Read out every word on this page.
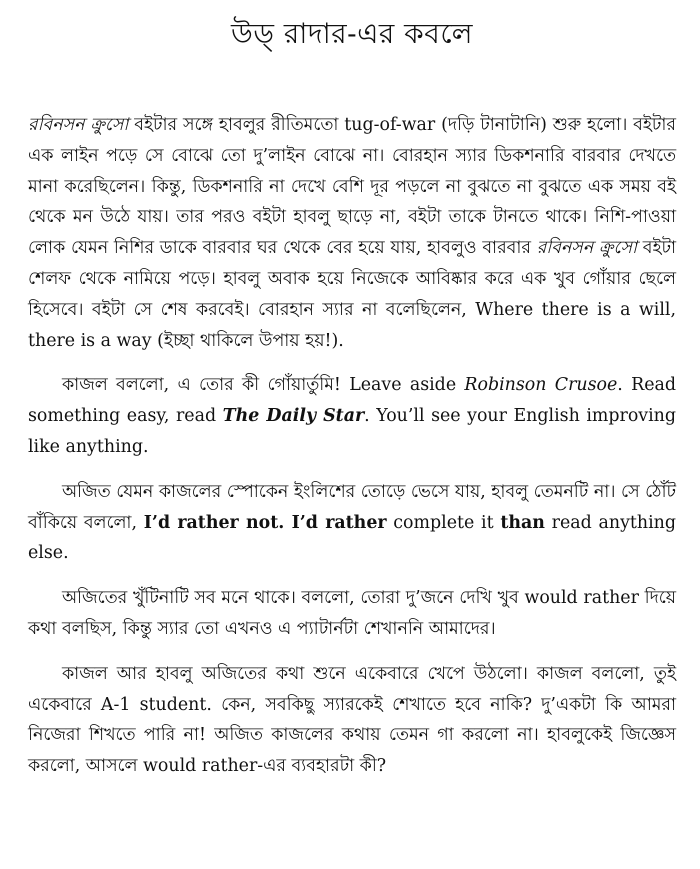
উড্ রাদার-এর কবলে

রবিনসন ক্রুসো বইটার সঙ্গে হাবলুর রীতিমতো tug-of-war (দড়ি টানাটানি) শুরু হলো। বইটার এক লাইন পড়ে সে বোঝে তো দু’লাইন বোঝে না। বোরহান স্যার ডিকশনারি বারবার দেখতে মানা করেছিলেন। কিন্তু, ডিকশনারি না দেখে বেশি দূর পড়লে না বুঝতে না বুঝতে এক সময় বই থেকে মন উঠে যায়। তার পরও বইটা হাবলু ছাড়ে না, বইটা তাকে টানতে থাকে। নিশি-পাওয়া লোক যেমন নিশির ডাকে বারবার ঘর থেকে বের হয়ে যায়, হাবলুও বারবার রবিনসন ক্রুসো বইটা শেলফ থেকে নামিয়ে পড়ে। হাবলু অবাক হয়ে নিজেকে আবিষ্কার করে এক খুব গোঁয়ার ছেলে হিসেবে। বইটা সে শেষ করবেই। বোরহান স্যার না বলেছিলেন, Where there is a will, there is a way (ইচ্ছা থাকিলে উপায় হয়!).

কাজল বললো, এ তোর কী গোঁয়ার্তুমি! Leave aside Robinson Crusoe. Read something easy, read The Daily Star. You’ll see your English improving like anything.

অজিত যেমন কাজলের স্পোকেন ইংলিশের তোড়ে ভেসে যায়, হাবলু তেমনটি না। সে ঠোঁট বাঁকিয়ে বললো, I’d rather not. I’d rather complete it than read anything else.

অজিতের খুঁটিনাটি সব মনে থাকে। বললো, তোরা দু’জনে দেখি খুব would rather দিয়ে কথা বলছিস, কিন্তু স্যার তো এখনও এ প্যাটার্নটা শেখাননি আমাদের।

কাজল আর হাবলু অজিতের কথা শুনে একেবারে খেপে উঠলো। কাজল বললো, তুই একেবারে A-1 student. কেন, সবকিছু স্যারকেই শেখাতে হবে নাকি? দু’একটা কি আমরা নিজেরা শিখতে পারি না! অজিত কাজলের কথায় তেমন গা করলো না। হাবলুকেই জিজ্ঞেস করলো, আসলে would rather-এর ব্যবহারটা কী?
